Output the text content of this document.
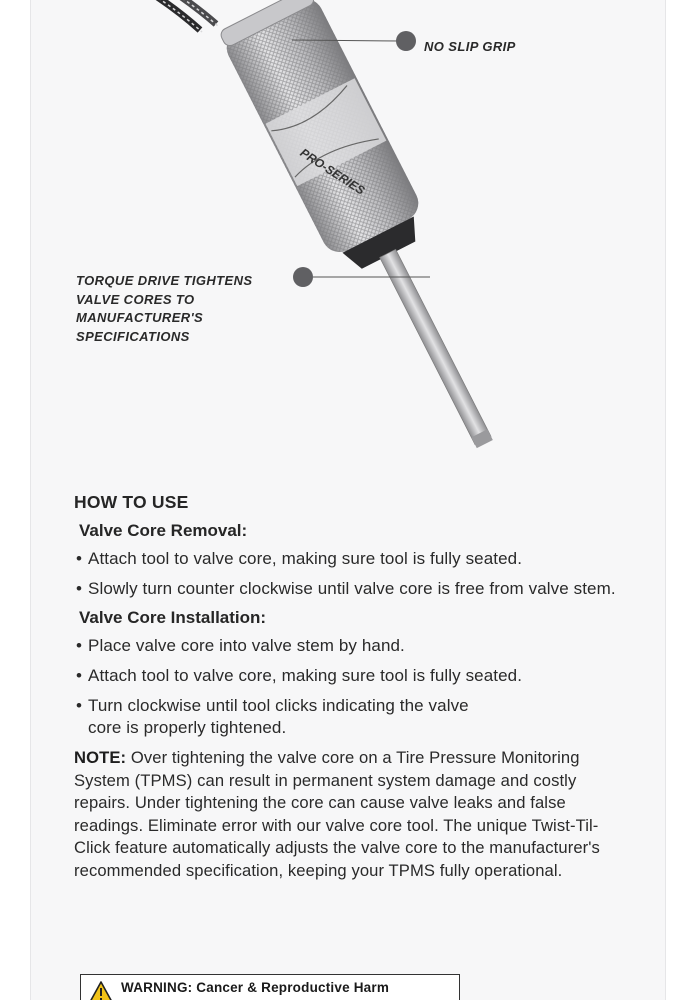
PRO-SERIES
NO SLIP GRIP
TORQUE DRIVE TIGHTENS
VALVE CORES TO
MANUFACTURER'S
SPECIFICATIONS
HOW TO USE
Valve Core Removal:
• Attach tool to valve core, making sure tool is fully seated.
• Slowly turn counter clockwise until valve core is free from valve stem.
Valve Core Installation:
• Place valve core into valve stem by hand.
• Attach tool to valve core, making sure tool is fully seated.
• Turn clockwise until tool clicks indicating the valve core is properly tightened.

NOTE: Over tightening the valve core on a Tire Pressure Monitoring System (TPMS) can result in permanent system damage and costly repairs. Under tightening the core can cause valve leaks and false readings. Eliminate error with our valve core tool. The unique Twist-Til-Click feature automatically adjusts the valve core to the manufacturer's recommended specification, keeping your TPMS fully operational.

WARNING: Cancer & Reproductive Harm
